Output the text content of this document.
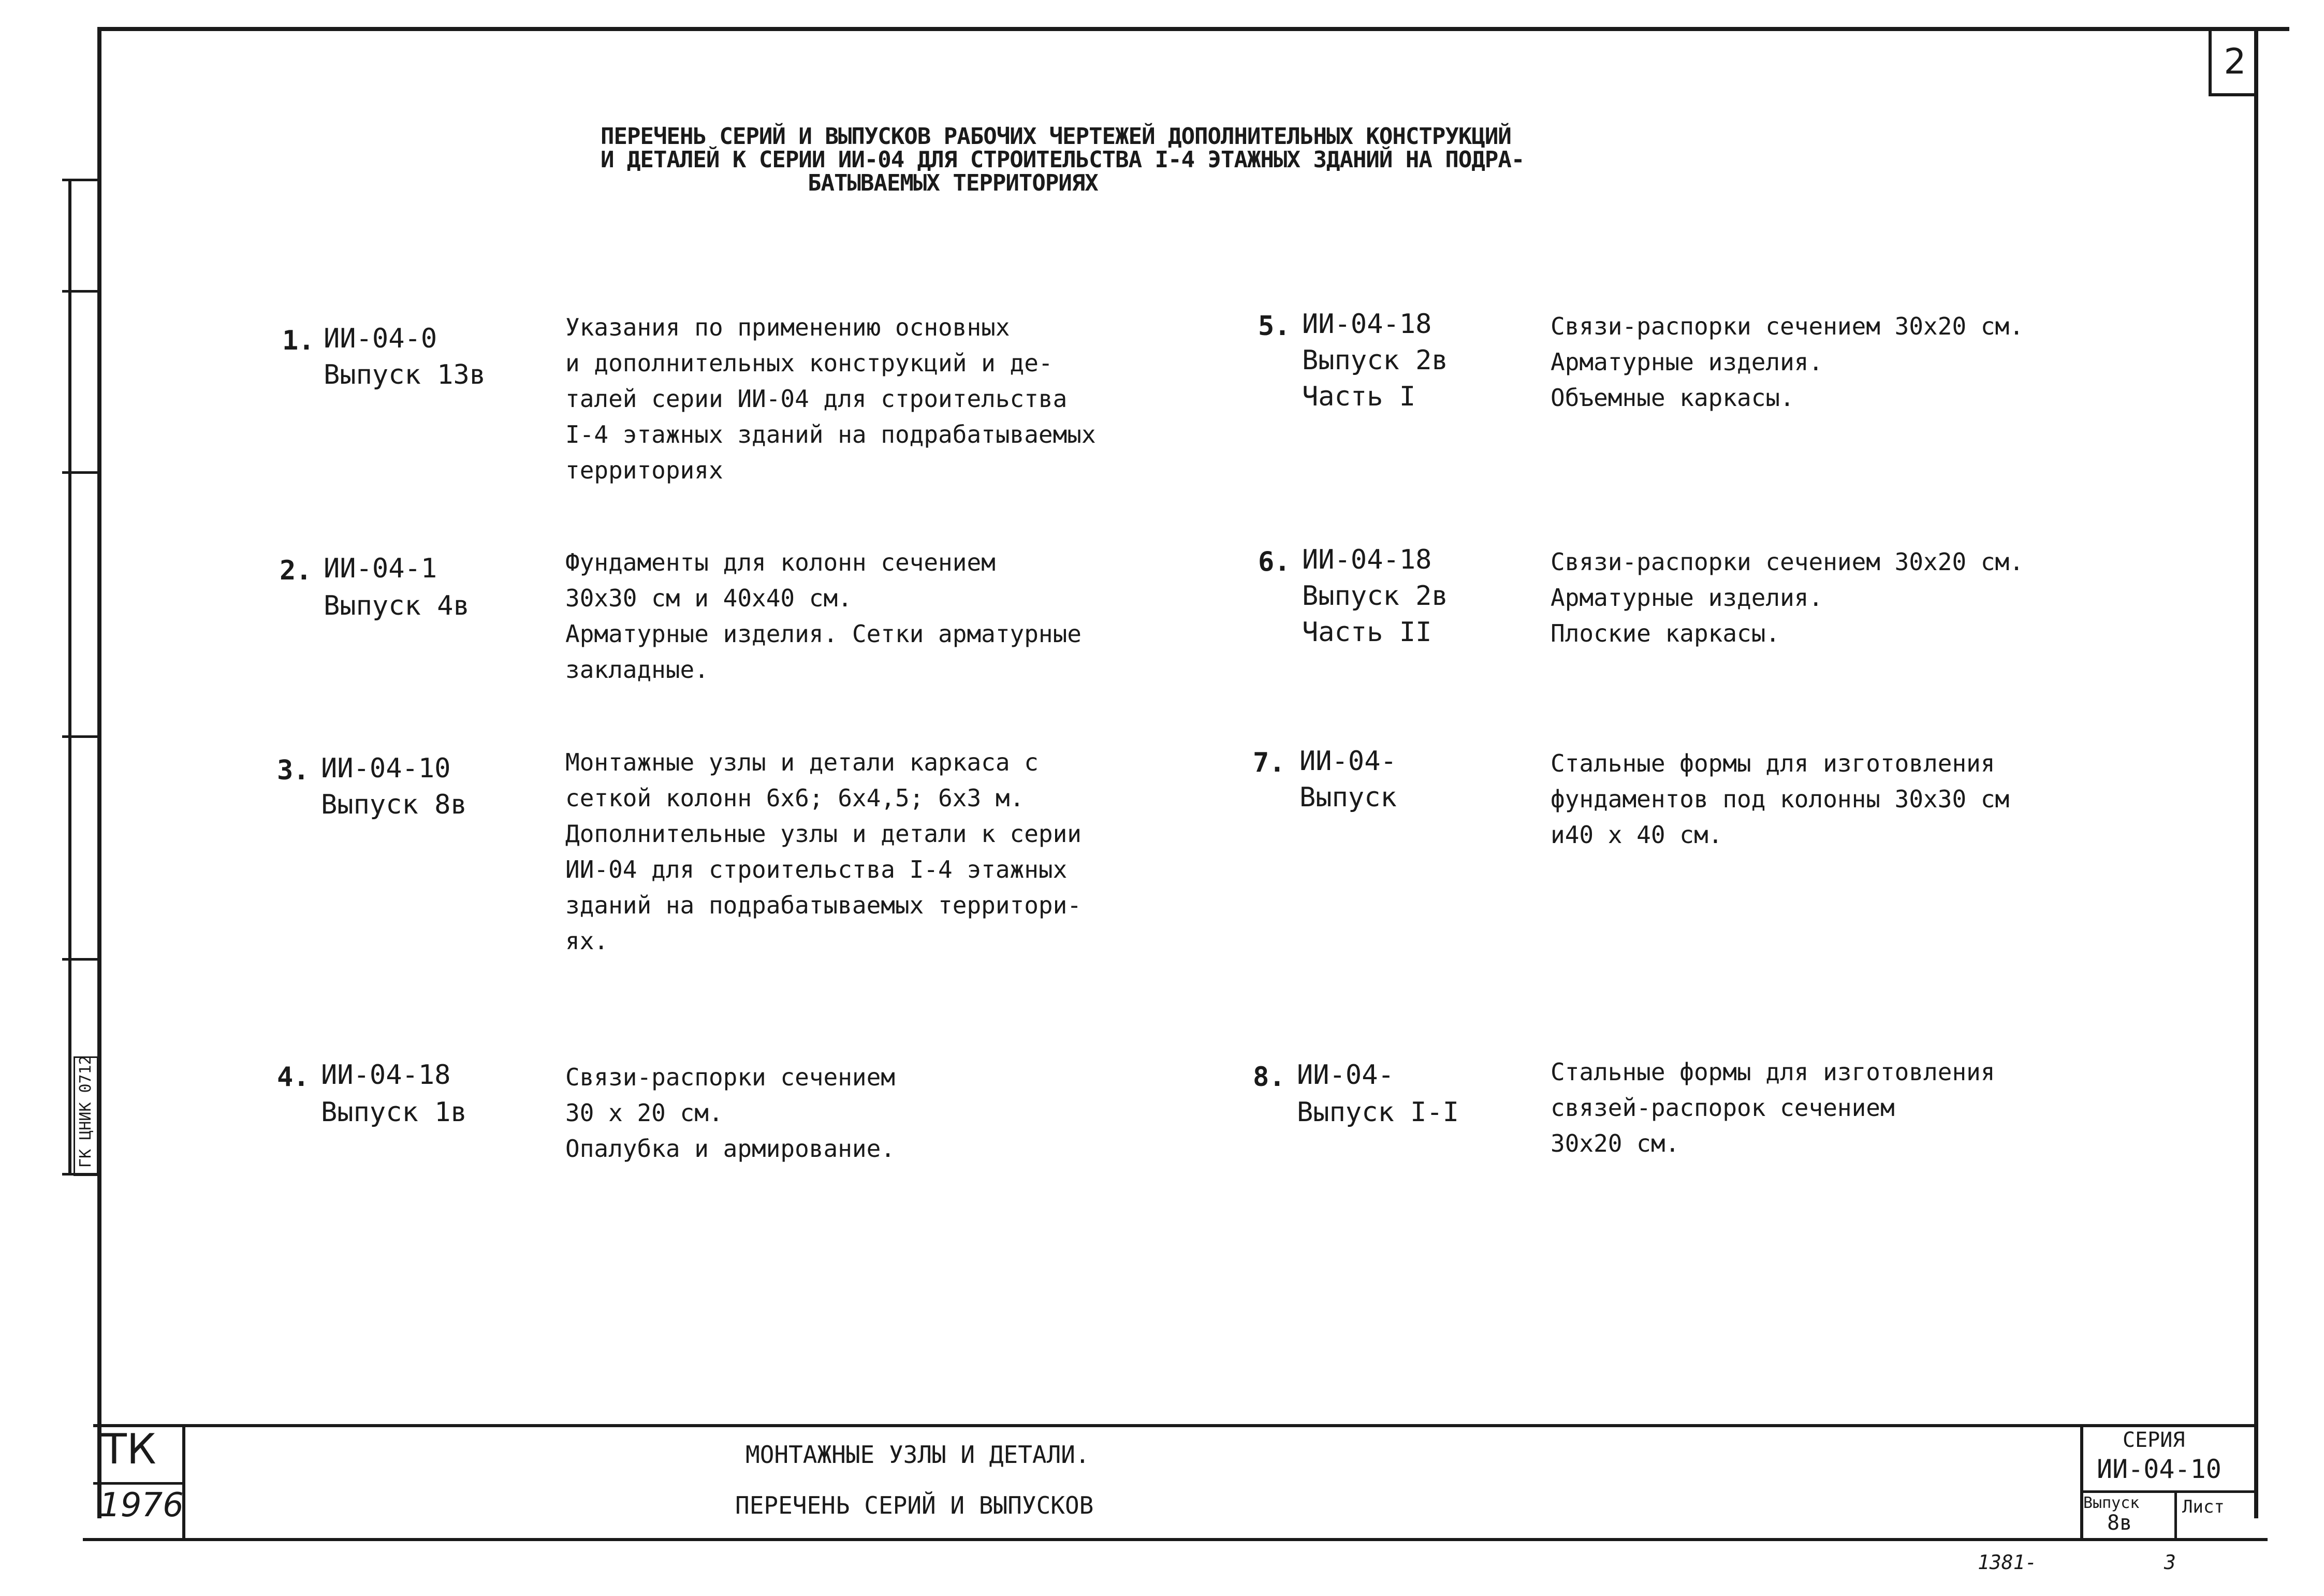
ГК ЦНИК 0712
2
ПЕРЕЧЕНЬ СЕРИЙ И ВЫПУСКОВ РАБОЧИХ ЧЕРТЕЖЕЙ ДОПОЛНИТЕЛЬНЫХ КОНСТРУКЦИЙ
И ДЕТАЛЕЙ К СЕРИИ ИИ-04 ДЛЯ СТРОИТЕЛЬСТВА I-4 ЭТАЖНЫХ ЗДАНИЙ НА ПОДРА-
БАТЫВАЕМЫХ ТЕРРИТОРИЯХ
1. ИИ-04-0
Выпуск 13в
Указания по применению основных
и дополнительных конструкций и де-
талей серии ИИ-04 для строительства
I-4 этажных зданий на подрабатываемых
территориях
2. ИИ-04-1
Выпуск 4в
Фундаменты для колонн сечением
30х30 см и 40х40 см.
Арматурные изделия. Сетки арматурные
закладные.
3. ИИ-04-10
Выпуск 8в
Монтажные узлы и детали каркаса с
сеткой колонн 6х6; 6х4,5; 6х3 м.
Дополнительные узлы и детали к серии
ИИ-04 для строительства I-4 этажных
зданий на подрабатываемых территори-
ях.
4. ИИ-04-18
Выпуск 1в
Связи-распорки сечением
30 х 20 см.
Опалубка и армирование.
5. ИИ-04-18
Выпуск 2в
Часть I
Связи-распорки сечением 30х20 см.
Арматурные изделия.
Объемные каркасы.
6. ИИ-04-18
Выпуск 2в
Часть II
Связи-распорки сечением 30х20 см.
Арматурные изделия.
Плоские каркасы.
7. ИИ-04-
Выпуск
Стальные формы для изготовления
фундаментов под колонны 30х30 см
и40 х 40 см.
8. ИИ-04-
Выпуск I-I
Стальные формы для изготовления
связей-распорок сечением
30х20 см.
ТК
1976
МОНТАЖНЫЕ УЗЛЫ И ДЕТАЛИ.
ПЕРЕЧЕНЬ СЕРИЙ И ВЫПУСКОВ
СЕРИЯ
ИИ-04-10
Выпуск
8в
Лист
1381-	3
